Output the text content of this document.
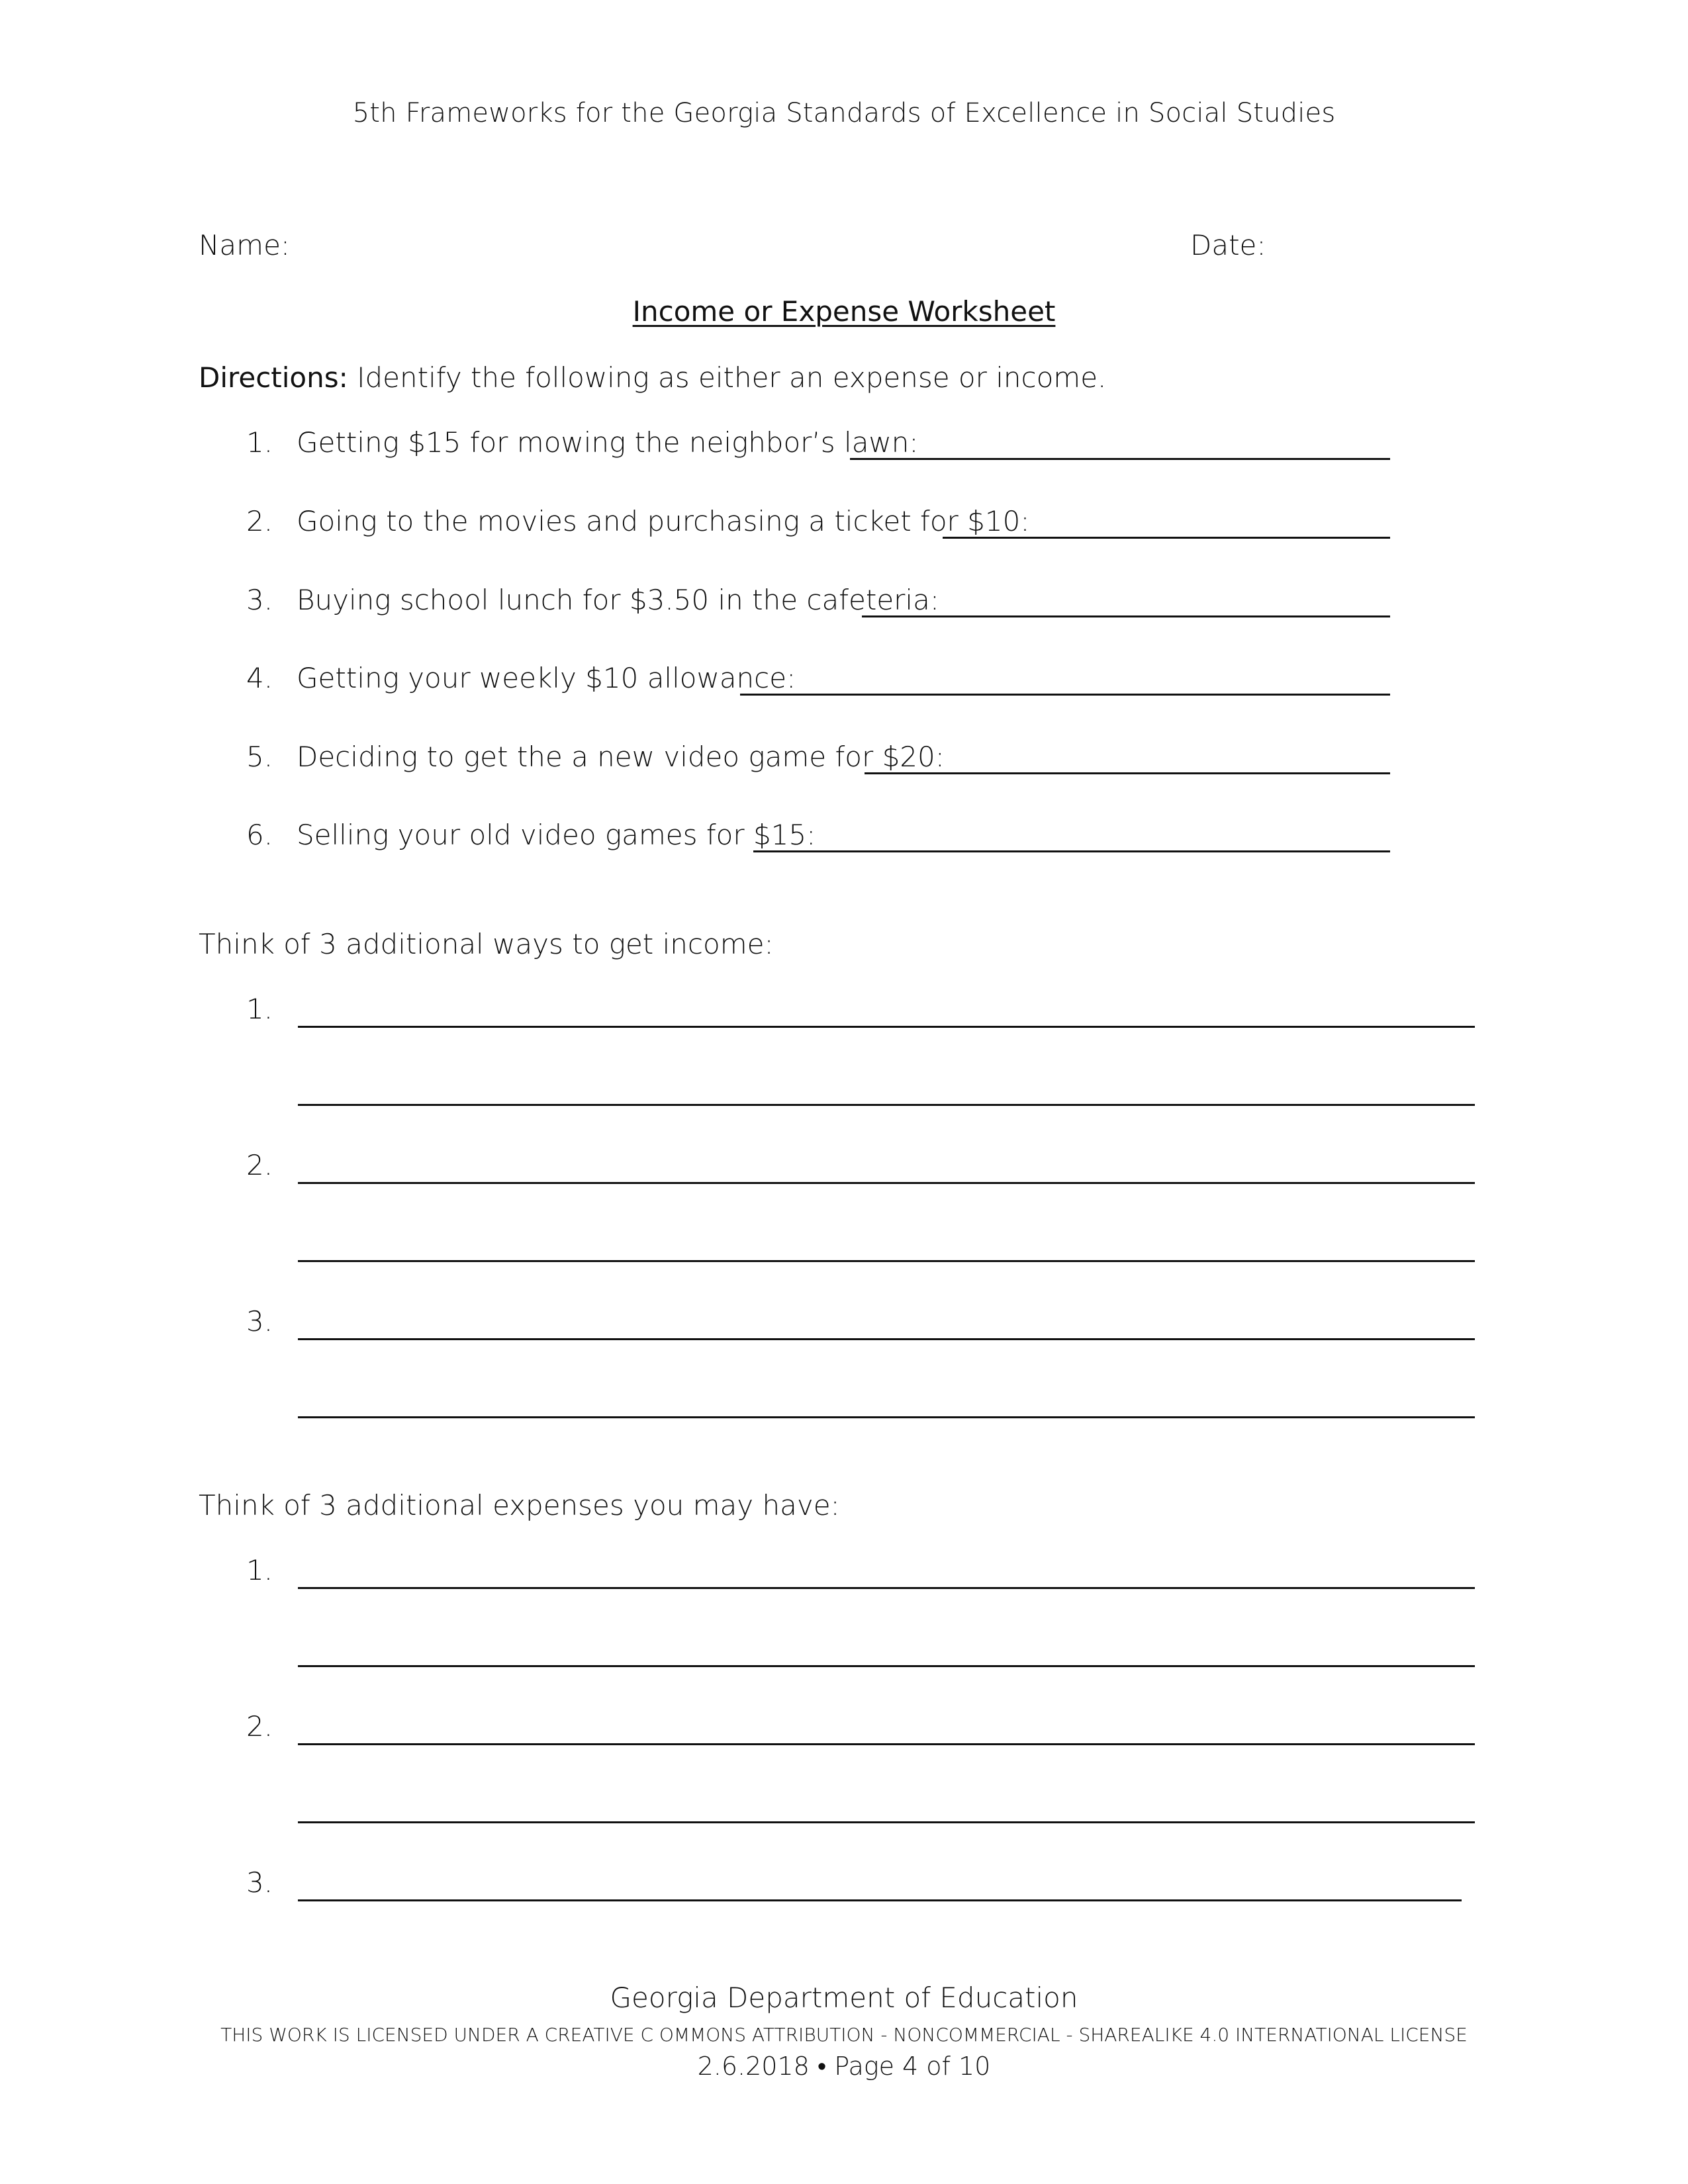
5th Frameworks for the Georgia Standards of Excellence in Social Studies
Name:	Date:
Income or Expense Worksheet
Directions: Identify the following as either an expense or income.
1. Getting $15 for mowing the neighbor’s lawn:
2. Going to the movies and purchasing a ticket for $10:
3. Buying school lunch for $3.50 in the cafeteria:
4. Getting your weekly $10 allowance:
5. Deciding to get the a new video game for $20:
6. Selling your old video games for $15:
Think of 3 additional ways to get income:
1.
2.
3.
Think of 3 additional expenses you may have:
1.
2.
3.
Georgia Department of Education
THIS WORK IS LICENSED UNDER A CREATIVE C OMMONS ATTRIBUTION - NONCOMMERCIAL - SHAREALIKE 4.0 INTERNATIONAL LICENSE
2.6.2018 • Page 4 of 10
